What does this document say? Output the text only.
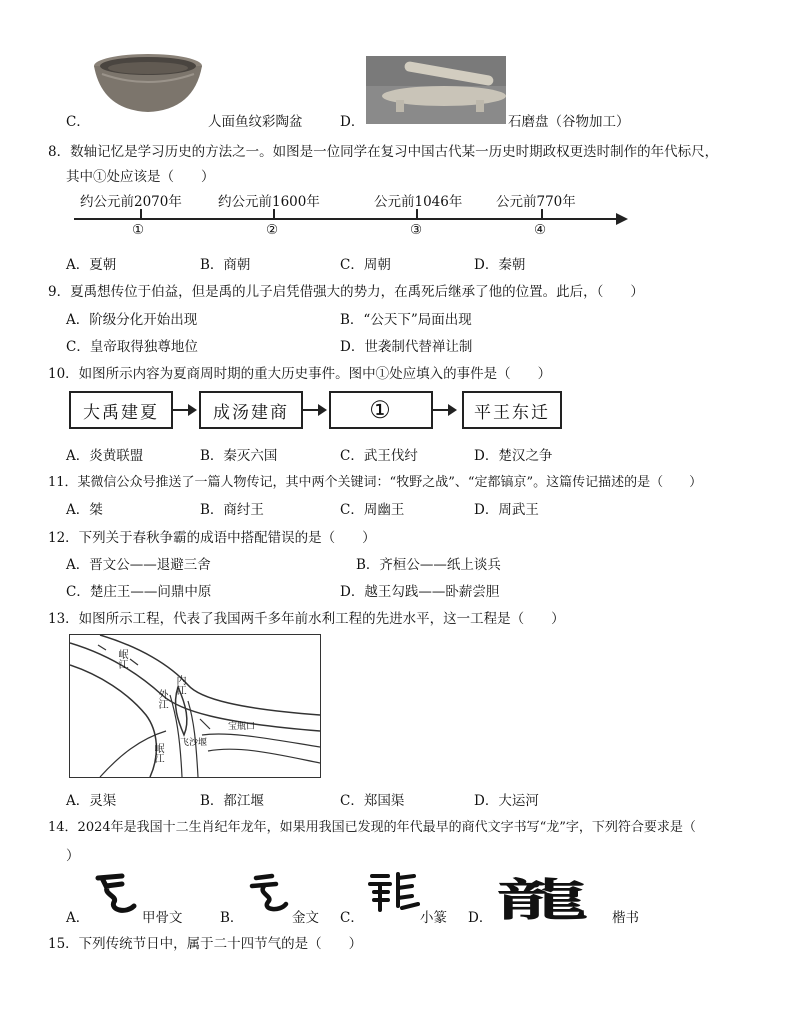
C．	人面鱼纹彩陶盆	D．	石磨盘（谷物加工）
8．数轴记忆是学习历史的方法之一。如图是一位同学在复习中国古代某一历史时期政权更迭时制作的年代标尺，
其中①处应该是（　　）
约公元前2070年	约公元前1600年	公元前1046年 公元前770年
①	②	③	④
A．夏朝	B．商朝	C．周朝	D．秦朝
9．夏禹想传位于伯益，但是禹的儿子启凭借强大的势力，在禹死后继承了他的位置。此后，（　　）
A．阶级分化开始出现	B．“公天下”局面出现
C．皇帝取得独尊地位	D．世袭制代替禅让制
10．如图所示内容为夏商周时期的重大历史事件。图中①处应填入的事件是（　　）
大禹建夏	成汤建商	①	平王东迁
A．炎黄联盟	B．秦灭六国	C．武王伐纣	D．楚汉之争
11．某微信公众号推送了一篇人物传记，其中两个关键词：“牧野之战”、“定都镐京”。这篇传记描述的是（　　）
A．桀	B．商纣王	C．周幽王	D．周武王
12．下列关于春秋争霸的成语中搭配错误的是（　　）
A．晋文公——退避三舍	B．齐桓公——纸上谈兵
C．楚庄王——问鼎中原	D．越王勾践——卧薪尝胆
13．如图所示工程，代表了我国两千多年前水利工程的先进水平，这一工程是（　　）
岷江
内江
外江
宝瓶口
飞沙堰
岷江
A．灵渠	B．都江堰	C．郑国渠	D．大运河
14．2024年是我国十二生肖纪年龙年，如果用我国已发现的年代最早的商代文字书写“龙”字，下列符合要求是（
）
A．	甲骨文	B．	金文 C．	小篆 D． 龍 楷书
15．下列传统节日中，属于二十四节气的是（　　）
